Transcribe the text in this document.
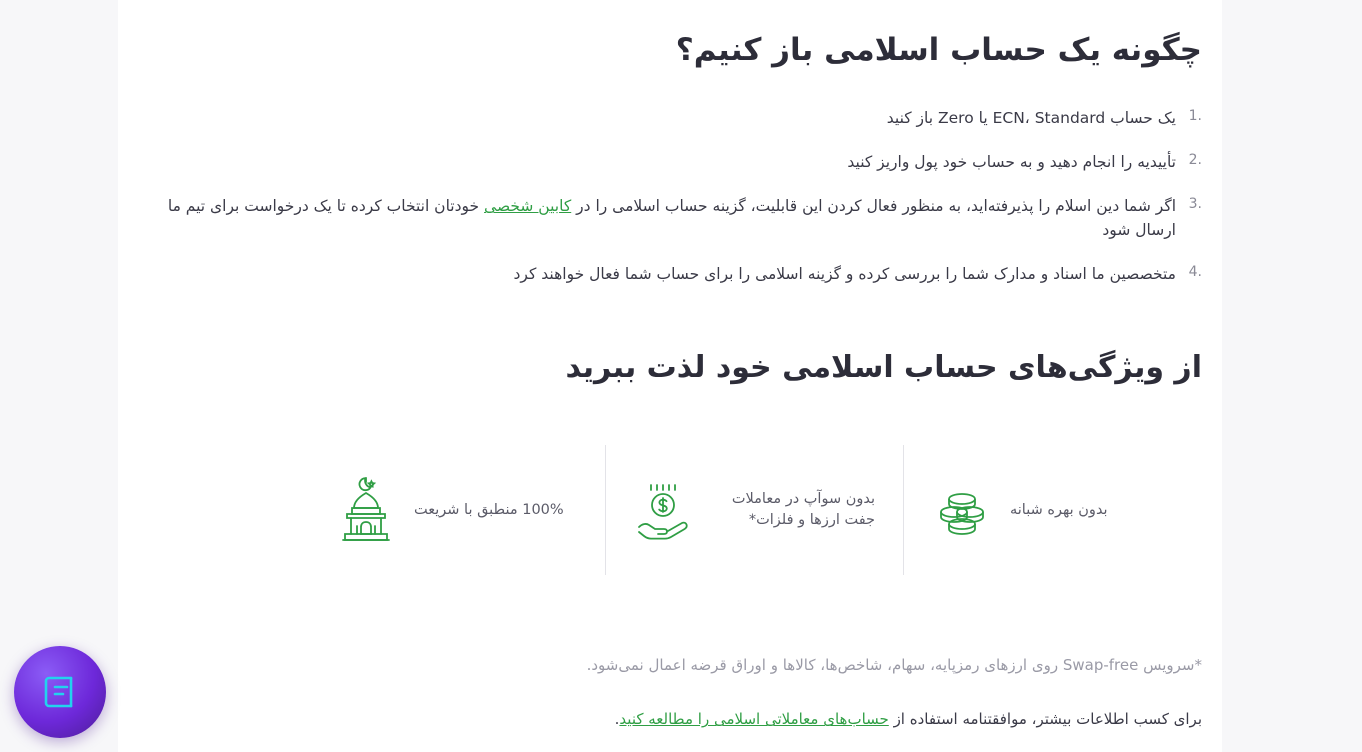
چگونه یک حساب اسلامی باز کنیم؟
یک حساب ECN، Standard یا Zero باز کنید
تأییدیه را انجام دهید و به حساب خود پول واریز کنید
اگر شما دین اسلام را پذیرفته‌اید، به منظور فعال کردن این قابلیت، گزینه حساب اسلامی را در کابین شخصی خودتان انتخاب کرده تا یک درخواست برای تیم ما ارسال شود
متخصصین ما اسناد و مدارک شما را بررسی کرده و گزینه اسلامی را برای حساب شما فعال خواهند کرد
از ویژگی‌های حساب اسلامی خود لذت ببرید
بدون بهره شبانه
بدون سوآپ در معاملات جفت ارزها و فلزات*
100% منطبق با شریعت
*سرویس Swap-free روی ارزهای رمزپایه، سهام، شاخص‌ها، کالاها و اوراق قرضه اعمال نمی‌شود.
برای کسب اطلاعات بیشتر، موافقتنامه استفاده از حساب‌های معاملاتی اسلامی را مطالعه کنید.
